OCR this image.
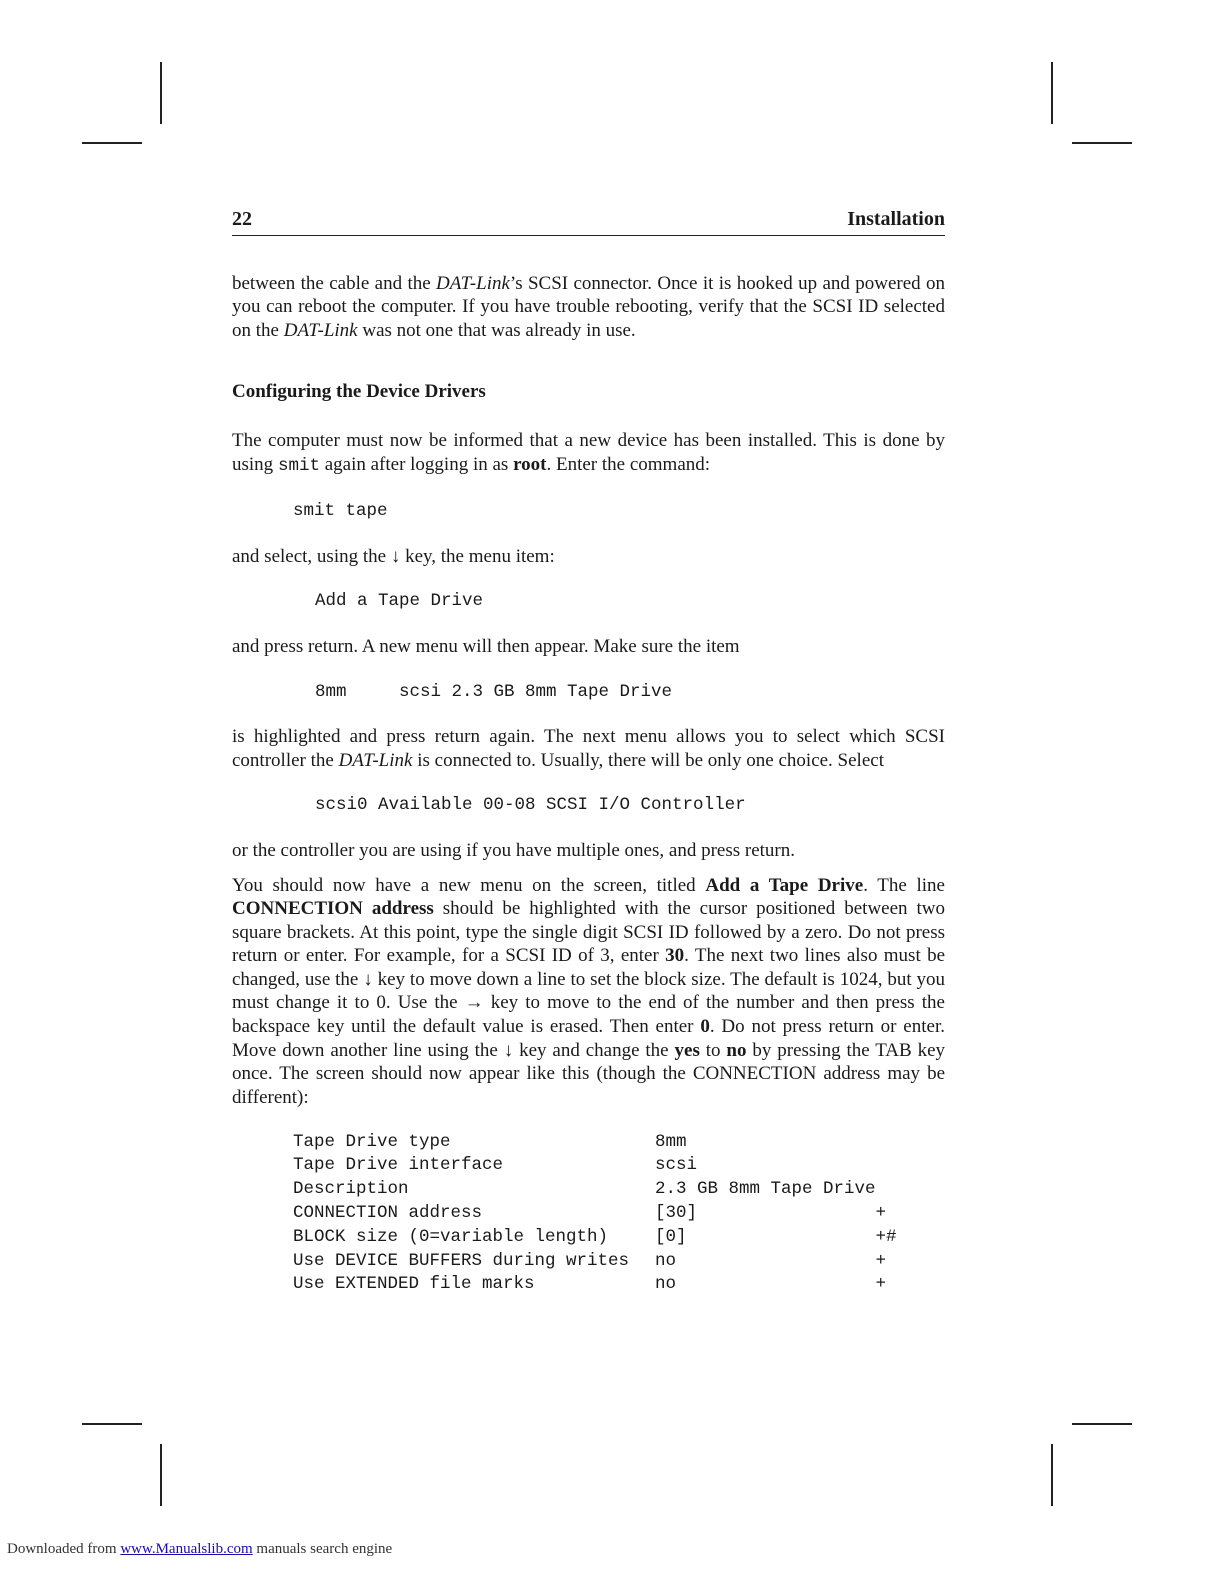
22	Installation

between the cable and the DAT-Link’s SCSI connector. Once it is hooked up and powered on you can reboot the computer. If you have trouble rebooting, verify that the SCSI ID selected on the DAT-Link was not one that was already in use.

Configuring the Device Drivers

The computer must now be informed that a new device has been installed. This is done by using smit again after logging in as root. Enter the command:

smit tape

and select, using the ↓ key, the menu item:

Add a Tape Drive

and press return. A new menu will then appear. Make sure the item

8mm     scsi 2.3 GB 8mm Tape Drive

is highlighted and press return again. The next menu allows you to select which SCSI controller the DAT-Link is connected to. Usually, there will be only one choice. Select

scsi0 Available 00-08 SCSI I/O Controller

or the controller you are using if you have multiple ones, and press return.

You should now have a new menu on the screen, titled Add a Tape Drive. The line CONNECTION address should be highlighted with the cursor positioned between two square brackets. At this point, type the single digit SCSI ID followed by a zero. Do not press return or enter. For example, for a SCSI ID of 3, enter 30. The next two lines also must be changed, use the ↓ key to move down a line to set the block size. The default is 1024, but you must change it to 0. Use the → key to move to the end of the number and then press the backspace key until the default value is erased. Then enter 0. Do not press return or enter. Move down another line using the ↓ key and change the yes to no by pressing the TAB key once. The screen should now appear like this (though the CONNECTION address may be different):

Tape Drive type	8mm	
Tape Drive interface	scsi	
Description	2.3 GB 8mm Tape Drive	
CONNECTION address	[30]	+
BLOCK size (0=variable length)	[0]	+#
Use DEVICE BUFFERS during writes	no	+
Use EXTENDED file marks	no	+
Downloaded from www.Manualslib.com manuals search engine
